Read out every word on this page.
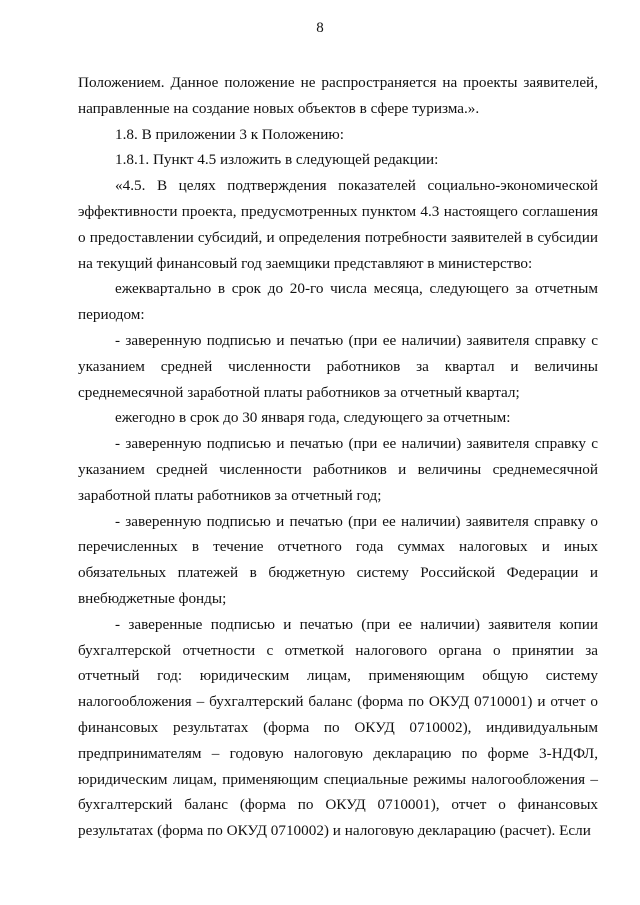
8

Положением. Данное положение не распространяется на проекты заявителей, направленные на создание новых объектов в сфере туризма.».

1.8. В приложении 3 к Положению:

1.8.1. Пункт 4.5 изложить в следующей редакции:

«4.5. В целях подтверждения показателей социально-экономической эффективности проекта, предусмотренных пунктом 4.3 настоящего соглашения о предоставлении субсидий, и определения потребности заявителей в субсидии на текущий финансовый год заемщики представляют в министерство:

ежеквартально в срок до 20-го числа месяца, следующего за отчетным периодом:

- заверенную подписью и печатью (при ее наличии) заявителя справку с указанием средней численности работников за квартал и величины среднемесячной заработной платы работников за отчетный квартал;

ежегодно в срок до 30 января года, следующего за отчетным:

- заверенную подписью и печатью (при ее наличии) заявителя справку с указанием средней численности работников и величины среднемесячной заработной платы работников за отчетный год;

- заверенную подписью и печатью (при ее наличии) заявителя справку о перечисленных в течение отчетного года суммах налоговых и иных обязательных платежей в бюджетную систему Российской Федерации и внебюджетные фонды;

- заверенные подписью и печатью (при ее наличии) заявителя копии бухгалтерской отчетности с отметкой налогового органа о принятии за отчетный год: юридическим лицам, применяющим общую систему налогообложения – бухгалтерский баланс (форма по ОКУД 0710001) и отчет о финансовых результатах (форма по ОКУД 0710002), индивидуальным предпринимателям – годовую налоговую декларацию по форме 3-НДФЛ, юридическим лицам, применяющим специальные режимы налогообложения – бухгалтерский баланс (форма по ОКУД 0710001), отчет о финансовых результатах (форма по ОКУД 0710002) и налоговую декларацию (расчет). Если
